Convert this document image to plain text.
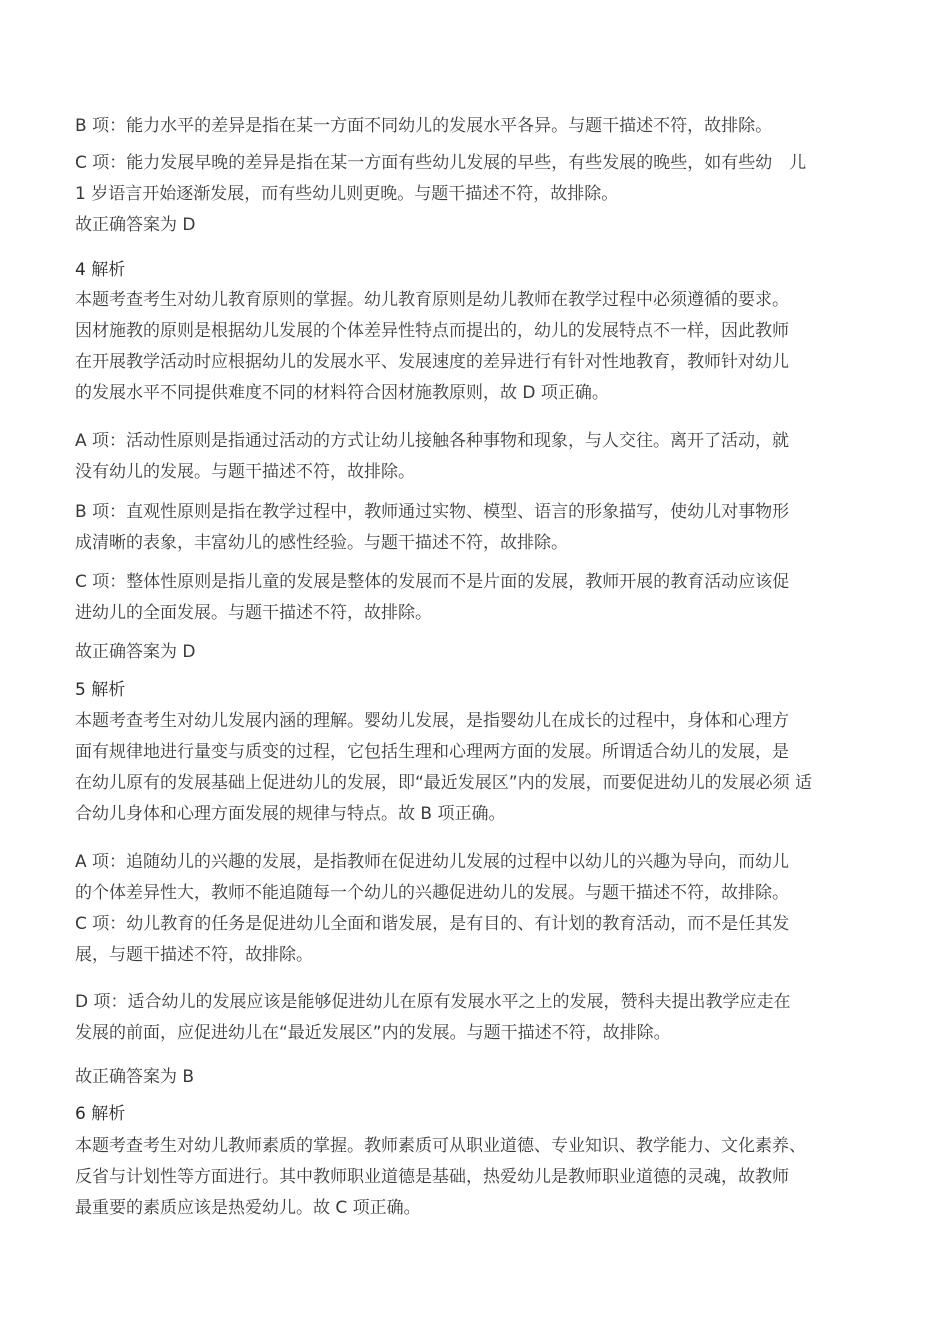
B 项：能力水平的差异是指在某一方面不同幼儿的发展水平各异。与题干描述不符，故排除。
C 项：能力发展早晚的差异是指在某一方面有些幼儿发展的早些，有些发展的晚些，如有些幼　儿
1 岁语言开始逐渐发展，而有些幼儿则更晚。与题干描述不符，故排除。
故正确答案为 D
4 解析
本题考查考生对幼儿教育原则的掌握。幼儿教育原则是幼儿教师在教学过程中必须遵循的要求。
因材施教的原则是根据幼儿发展的个体差异性特点而提出的，幼儿的发展特点不一样，因此教师
在开展教学活动时应根据幼儿的发展水平、发展速度的差异进行有针对性地教育，教师针对幼儿
的发展水平不同提供难度不同的材料符合因材施教原则，故 D 项正确。
A 项：活动性原则是指通过活动的方式让幼儿接触各种事物和现象，与人交往。离开了活动，就
没有幼儿的发展。与题干描述不符，故排除。
B 项：直观性原则是指在教学过程中，教师通过实物、模型、语言的形象描写，使幼儿对事物形
成清晰的表象，丰富幼儿的感性经验。与题干描述不符，故排除。
C 项：整体性原则是指儿童的发展是整体的发展而不是片面的发展，教师开展的教育活动应该促
进幼儿的全面发展。与题干描述不符，故排除。
故正确答案为 D
5 解析
本题考查考生对幼儿发展内涵的理解。婴幼儿发展，是指婴幼儿在成长的过程中，身体和心理方
面有规律地进行量变与质变的过程，它包括生理和心理两方面的发展。所谓适合幼儿的发展，是
在幼儿原有的发展基础上促进幼儿的发展，即“最近发展区”内的发展，而要促进幼儿的发展必须 适
合幼儿身体和心理方面发展的规律与特点。故 B 项正确。
A 项：追随幼儿的兴趣的发展，是指教师在促进幼儿发展的过程中以幼儿的兴趣为导向，而幼儿
的个体差异性大，教师不能追随每一个幼儿的兴趣促进幼儿的发展。与题干描述不符，故排除。
C 项：幼儿教育的任务是促进幼儿全面和谐发展，是有目的、有计划的教育活动，而不是任其发
展，与题干描述不符，故排除。
D 项：适合幼儿的发展应该是能够促进幼儿在原有发展水平之上的发展，赞科夫提出教学应走在
发展的前面，应促进幼儿在“最近发展区”内的发展。与题干描述不符，故排除。
故正确答案为 B
6 解析
本题考查考生对幼儿教师素质的掌握。教师素质可从职业道德、专业知识、教学能力、文化素养、
反省与计划性等方面进行。其中教师职业道德是基础，热爱幼儿是教师职业道德的灵魂，故教师
最重要的素质应该是热爱幼儿。故 C 项正确。
